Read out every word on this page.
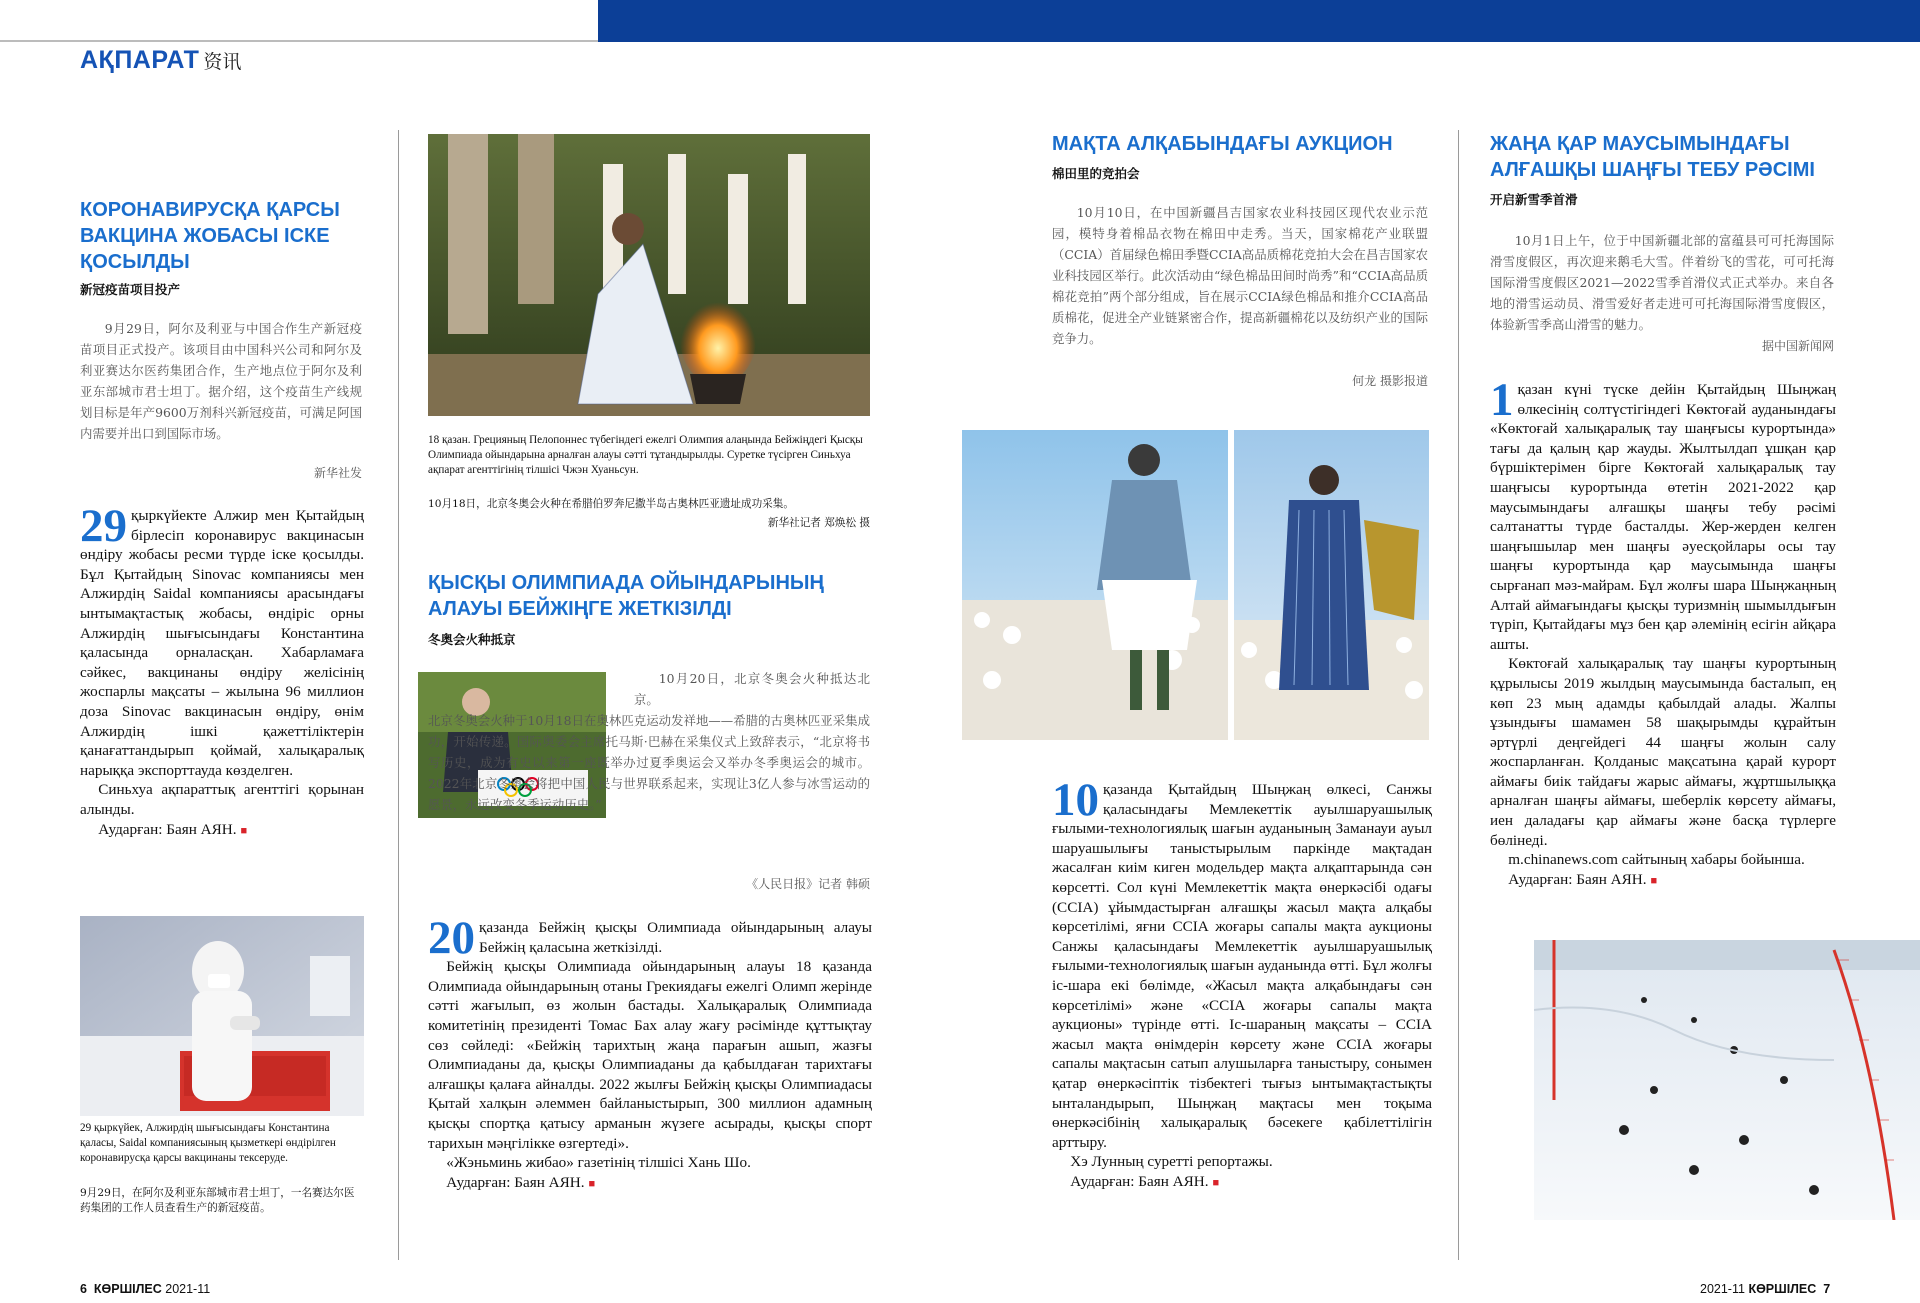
АҚПАРАТ 资讯
КОРОНАВИРУСҚА ҚАРСЫ ВАКЦИНА ЖОБАСЫ ІСКЕ ҚОСЫЛДЫ
新冠疫苗项目投产
9月29日，阿尔及利亚与中国合作生产新冠疫苗项目正式投产。该项目由中国科兴公司和阿尔及利亚赛达尔医药集团合作，生产地点位于阿尔及利亚东部城市君士坦丁。据介绍，这个疫苗生产线规划目标是年产9600万剂科兴新冠疫苗，可满足阿国内需要并出口到国际市场。
新华社发

29 қыркүйекте Алжир мен Қытайдың бірлесіп коронавирус вакцинасын өндіру жобасы ресми түрде іске қосылды. Бұл Қытайдың Sinovac компаниясы мен Алжирдің Saidal компаниясы арасындағы ынтымақтастық жобасы, өндіріс орны Алжирдің шығысындағы Константина қаласында орналасқан. Хабарламаға сәйкес, вакцинаны өндіру желісінің жоспарлы мақсаты – жылына 96 миллион доза Sinovac вакцинасын өндіру, өнім Алжирдің ішкі қажеттіліктерін қанағаттандырып қоймай, халықаралық нарыққа экспорттауда көзделген.

Синьхуа ақпараттық агенттігі қорынан алынды.

Аударған: Баян АЯН. ■

29 қыркүйек, Алжирдің шығысындағы Константина қаласы, Saidal компаниясының қызметкері өндірілген коронавирусқа қарсы вакцинаны тексеруде.
9月29日，在阿尔及利亚东部城市君士坦丁，一名赛达尔医药集团的工作人员查看生产的新冠疫苗。
18 қазан. Грецияның Пелопоннес түбегіндегі ежелгі Олимпия алаңында Бейжіңдегі Қысқы Олимпиада ойындарына арналған алауы сәтті тұтандырылды. Суретке түсірген Синьхуа ақпарат агенттігінің тілшісі Чжэн Хуаньсун.
10月18日，北京冬奥会火种在希腊伯罗奔尼撒半岛古奥林匹亚遗址成功采集。
新华社记者 郑焕松 摄
ҚЫСҚЫ ОЛИМПИАДА ОЙЫНДАРЫНЫҢ АЛАУЫ БЕЙЖІҢГЕ ЖЕТКІЗІЛДІ
冬奥会火种抵京
10月20日，北京冬奥会火种抵达北京。
北京冬奥会火种于10月18日在奥林匹克运动发祥地——希腊的古奥林匹亚采集成功，开始传递。国际奥委会主席托马斯·巴赫在采集仪式上致辞表示，“北京将书写历史，成为有史以来第一座既举办过夏季奥运会又举办冬季奥运会的城市。2022年北京冬奥会将把中国人民与世界联系起来，实现让3亿人参与冰雪运动的愿景，永远改变冬季运动历史。”
《人民日报》记者 韩硕

20 қазанда Бейжің қысқы Олимпиада ойындарының алауы Бейжің қаласына жеткізілді.

Бейжің қысқы Олимпиада ойындарының алауы 18 қазанда Олимпиада ойындарының отаны Грекиядағы ежелгі Олимп жерінде сәтті жағылып, өз жолын бастады. Халықаралық Олимпиада комитетінің президенті Томас Бах алау жағу рәсімінде құттықтау сөз сөйледі: «Бейжің тарихтың жаңа парағын ашып, жазғы Олимпиаданы да, қысқы Олимпиаданы да қабылдаған тарихтағы алғашқы қалаға айналды. 2022 жылғы Бейжің қысқы Олимпиадасы Қытай халқын әлеммен байланыстырып, 300 миллион адамның қысқы спортқа қатысу арманын жүзеге асырады, қысқы спорт тарихын мәңгілікке өзгертеді».

«Жэньминь жибао» газетінің тілшісі Хань Шо.

Аударған: Баян АЯН. ■

МАҚТА АЛҚАБЫНДАҒЫ АУКЦИОН
棉田里的竞拍会
10月10日，在中国新疆昌吉国家农业科技园区现代农业示范园，模特身着棉品衣物在棉田中走秀。当天，国家棉花产业联盟（CCIA）首届绿色棉田季暨CCIA高品质棉花竞拍大会在昌吉国家农业科技园区举行。此次活动由“绿色棉品田间时尚秀”和“CCIA高品质棉花竞拍”两个部分组成，旨在展示CCIA绿色棉品和推介CCIA高品质棉花，促进全产业链紧密合作，提高新疆棉花以及纺织产业的国际竞争力。
何龙 摄影报道

10 қазанда Қытайдың Шыңжаң өлкесі, Санжы қаласындағы Мемлекеттік ауылшаруашылық ғылыми-технологиялық шағын ауданының Заманауи ауыл шаруашылығы таныстырылым паркінде мақтадан жасалған киім киген модельдер мақта алқаптарында сән көрсетті. Сол күні Мемлекеттік мақта өнеркәсібі одағы (CCIA) ұйымдастырған алғашқы жасыл мақта алқабы көрсетілімі, яғни CCIA жоғары сапалы мақта аукционы Санжы қаласындағы Мемлекеттік ауылшаруашылық ғылыми-технологиялық шағын ауданында өтті. Бұл жолғы іс-шара екі бөлімде, «Жасыл мақта алқабындағы сән көрсетілімі» және «CCIA жоғары сапалы мақта аукционы» түрінде өтті. Іс-шараның мақсаты – CCIA жасыл мақта өнімдерін көрсету және CCIA жоғары сапалы мақтасын сатып алушыларға таныстыру, сонымен қатар өнеркәсіптік тізбектегі тығыз ынтымақтастықты ынталандырып, Шыңжаң мақтасы мен тоқыма өнеркәсібінің халықаралық бәсекеге қабілеттілігін арттыру.

Хэ Лунның суретті репортажы.

Аударған: Баян АЯН. ■

ЖАҢА ҚАР МАУСЫМЫНДАҒЫ АЛҒАШҚЫ ШАҢҒЫ ТЕБУ РӘСІМІ
开启新雪季首滑
10月1日上午，位于中国新疆北部的富蕴县可可托海国际滑雪度假区，再次迎来鹅毛大雪。伴着纷飞的雪花，可可托海国际滑雪度假区2021—2022雪季首滑仪式正式举办。来自各地的滑雪运动员、滑雪爱好者走进可可托海国际滑雪度假区，体验新雪季高山滑雪的魅力。
据中国新闻网

1 қазан күні түске дейін Қытайдың Шыңжаң өлкесінің солтүстігіндегі Көктоғай ауданындағы «Көктоғай халықаралық тау шаңғысы курортында» тағы да қалың қар жауды. Жылтылдап ұшқан қар бүршіктерімен бірге Көктоғай халықаралық тау шаңғысы курортында өтетін 2021-2022 қар маусымындағы алғашқы шаңғы тебу рәсімі салтанатты түрде басталды. Жер-жерден келген шаңғышылар мен шаңғы әуесқойлары осы тау шаңғы курортында қар маусымында шаңғы сырғанап мәз-майрам. Бұл жолғы шара Шыңжаңның Алтай аймағындағы қысқы туризмнің шымылдығын түріп, Қытайдағы мұз бен қар әлемінің есігін айқара ашты.

Көктоғай халықаралық тау шаңғы курортының құрылысы 2019 жылдың маусымында басталып, ең көп 23 мың адамды қабылдай алады. Жалпы ұзындығы шамамен 58 шақырымды құрайтын әртүрлі деңгейдегі 44 шаңғы жолын салу жоспарланған. Қолданыс мақсатына қарай курорт аймағы биік тайдағы жарыс аймағы, жұртшылыққа арналған шаңғы аймағы, шеберлік көрсету аймағы, иен даладағы қар аймағы және басқа түрлерге бөлінеді.

m.chinanews.com сайтының хабары бойынша.

Аударған: Баян АЯН. ■

6 КӨРШІЛЕС 2021-11	2021-11 КӨРШІЛЕС 7
